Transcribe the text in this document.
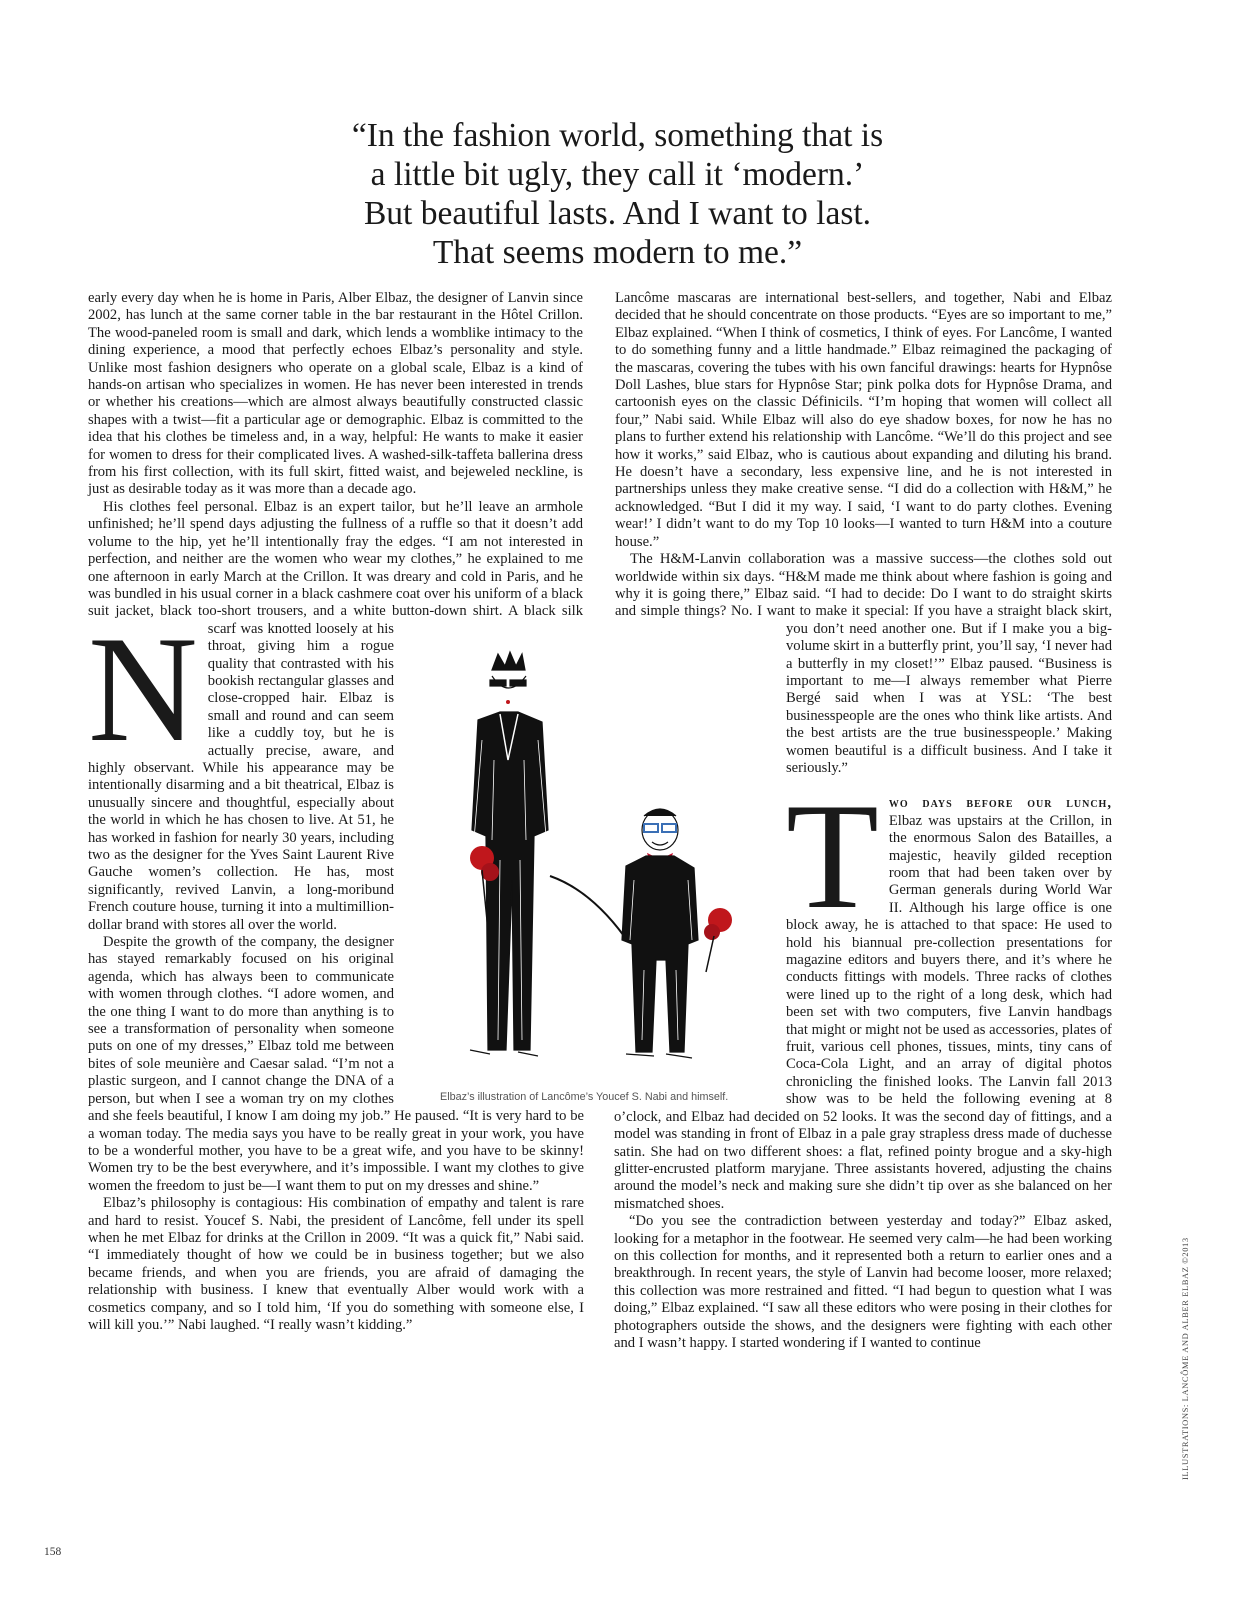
“In the fashion world, something that is
a little bit ugly, they call it ‘modern.’
But beautiful lasts. And I want to last.
That seems modern to me.”
N

early every day when he is home in Paris, Alber Elbaz, the designer of Lanvin since 2002, has lunch at the same corner table in the bar restaurant in the Hôtel Crillon. The wood-paneled room is small and dark, which lends a womblike intimacy to the dining experience, a mood that perfectly echoes Elbaz’s personality and style. Unlike most fashion designers who operate on a global scale, Elbaz is a kind of hands-on artisan who specializes in women. He has never been interested in trends or whether his creations—which are almost always beautifully constructed classic shapes with a twist—fit a particular age or demographic. Elbaz is committed to the idea that his clothes be timeless and, in a way, helpful: He wants to make it easier for women to dress for their complicated lives. A washed-silk-taffeta ballerina dress from his first collection, with its full skirt, fitted waist, and bejeweled neckline, is just as desirable today as it was more than a decade ago.

His clothes feel personal. Elbaz is an expert tailor, but he’ll leave an armhole unfinished; he’ll spend days adjusting the fullness of a ruffle so that it doesn’t add volume to the hip, yet he’ll intentionally fray the edges. “I am not interested in perfection, and neither are the women who wear my clothes,” he explained to me one afternoon in early March at the Crillon. It was dreary and cold in Paris, and he was bundled in his usual corner in a black cashmere coat over his uniform of a black suit jacket, black too-short trousers, and a white button-down shirt. A black silk scarf was knotted loosely at his throat, giving him a rogue quality that contrasted with his bookish rectangular glasses and close-cropped hair. Elbaz is small and round and can seem like a cuddly toy, but he is actually precise, aware, and highly observant. While his appearance may be intentionally disarming and a bit theatrical, Elbaz is unusually sincere and thoughtful, especially about the world in which he has chosen to live. At 51, he has worked in fashion for nearly 30 years, including two as the designer for the Yves Saint Laurent Rive Gauche women’s collection. He has, most significantly, revived Lanvin, a long-moribund French couture house, turning it into a multimillion-dollar brand with stores all over the world.

Despite the growth of the company, the designer has stayed remarkably focused on his original agenda, which has always been to communicate with women through clothes. “I adore women, and the one thing I want to do more than anything is to see a transformation of personality when someone puts on one of my dresses,” Elbaz told me between bites of sole meunière and Caesar salad. “I’m not a plastic surgeon, and I cannot change the DNA of a person, but when I see a woman try on my clothes and she feels beautiful, I know I am doing my job.” He paused. “It is very hard to be a woman today. The media says you have to be really great in your work, you have to be a wonderful mother, you have to be a great wife, and you have to be skinny! Women try to be the best everywhere, and it’s impossible. I want my clothes to give women the freedom to just be—I want them to put on my dresses and shine.”

Elbaz’s philosophy is contagious: His combination of empathy and talent is rare and hard to resist. Youcef S. Nabi, the president of Lancôme, fell under its spell when he met Elbaz for drinks at the Crillon in 2009. “It was a quick fit,” Nabi said. “I immediately thought of how we could be in business together; but we also became friends, and when you are friends, you are afraid of damaging the relationship with business. I knew that eventually Alber would work with a cosmetics company, and so I told him, ‘If you do something with someone else, I will kill you.’” Nabi laughed. “I really wasn’t kidding.”

Lancôme mascaras are international best-sellers, and together, Nabi and Elbaz decided that he should concentrate on those products. “Eyes are so important to me,” Elbaz explained. “When I think of cosmetics, I think of eyes. For Lancôme, I wanted to do something funny and a little handmade.” Elbaz reimagined the packaging of the mascaras, covering the tubes with his own fanciful drawings: hearts for Hypnôse Doll Lashes, blue stars for Hypnôse Star; pink polka dots for Hypnôse Drama, and cartoonish eyes on the classic Définicils. “I’m hoping that women will collect all four,” Nabi said. While Elbaz will also do eye shadow boxes, for now he has no plans to further extend his relationship with Lancôme. “We’ll do this project and see how it works,” said Elbaz, who is cautious about expanding and diluting his brand. He doesn’t have a secondary, less expensive line, and he is not interested in partnerships unless they make creative sense. “I did do a collection with H&M,” he acknowledged. “But I did it my way. I said, ‘I want to do party clothes. Evening wear!’ I didn’t want to do my Top 10 looks—I wanted to turn H&M into a couture house.”

The H&M-Lanvin collaboration was a massive success—the clothes sold out worldwide within six days. “H&M made me think about where fashion is going and why it is going there,” Elbaz said. “I had to decide: Do I want to do straight skirts and simple things? No. I want to make it special: If you have a straight black skirt, you don’t need another one. But if I make you a big-volume skirt in a butterfly print, you’ll say, ‘I never had a butterfly in my closet!’” Elbaz paused. “Business is important to me—I always remember what Pierre Bergé said when I was at YSL: ‘The best businesspeople are the ones who think like artists. And the best artists are the true businesspeople.’ Making women beautiful is a difficult business. And I take it seriously.”

Two days before our lunch, Elbaz was upstairs at the Crillon, in the enormous Salon des Batailles, a majestic, heavily gilded reception room that had been taken over by German generals during World War II. Although his large office is one block away, he is attached to that space: He used to hold his biannual pre-collection presentations for magazine editors and buyers there, and it’s where he conducts fittings with models. Three racks of clothes were lined up to the right of a long desk, which had been set with two computers, five Lanvin handbags that might or might not be used as accessories, plates of fruit, various cell phones, tissues, mints, tiny cans of Coca-Cola Light, and an array of digital photos chronicling the finished looks. The Lanvin fall 2013 show was to be held the following evening at 8 o’clock, and Elbaz had decided on 52 looks. It was the second day of fittings, and a model was standing in front of Elbaz in a pale gray strapless dress made of duchesse satin. She had on two different shoes: a flat, refined pointy brogue and a sky-high glitter-encrusted platform maryjane. Three assistants hovered, adjusting the chains around the model’s neck and making sure she didn’t tip over as she balanced on her mismatched shoes.

“Do you see the contradiction between yesterday and today?” Elbaz asked, looking for a metaphor in the footwear. He seemed very calm—he had been working on this collection for months, and it represented both a return to earlier ones and a breakthrough. In recent years, the style of Lanvin had become looser, more relaxed; this collection was more restrained and fitted. “I had begun to question what I was doing,” Elbaz explained. “I saw all these editors who were posing in their clothes for photographers outside the shows, and the designers were fighting with each other and I wasn’t happy. I started wondering if I wanted to continue

Elbaz’s illustration of Lancôme’s Youcef S. Nabi and himself.
ILLUSTRATIONS: LANCÔME AND ALBER ELBAZ ©2013
158
